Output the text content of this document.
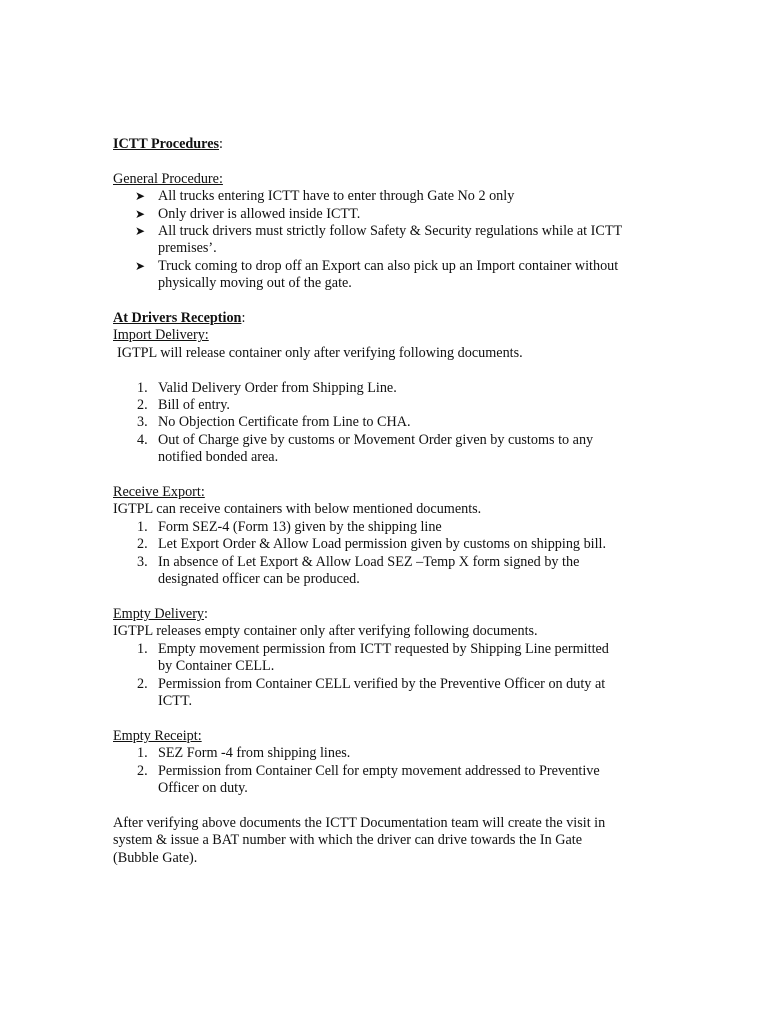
ICTT Procedures:

General Procedure:

➤ All trucks entering ICTT have to enter through Gate No 2 only

➤ Only driver is allowed inside ICTT.

➤ All truck drivers must strictly follow Safety & Security regulations while at ICTT

premises’.

➤ Truck coming to drop off an Export can also pick up an Import container without

physically moving out of the gate.

At Drivers Reception:

Import Delivery:

IGTPL will release container only after verifying following documents.

1. Valid Delivery Order from Shipping Line.

2. Bill of entry.

3. No Objection Certificate from Line to CHA.

4. Out of Charge give by customs or Movement Order given by customs to any

notified bonded area.

Receive Export:

IGTPL can receive containers with below mentioned documents.

1. Form SEZ-4 (Form 13) given by the shipping line

2. Let Export Order & Allow Load permission given by customs on shipping bill.

3. In absence of Let Export & Allow Load SEZ –Temp X form signed by the

designated officer can be produced.

Empty Delivery:

IGTPL releases empty container only after verifying following documents.

1. Empty movement permission from ICTT requested by Shipping Line permitted

by Container CELL.

2. Permission from Container CELL verified by the Preventive Officer on duty at

ICTT.

Empty Receipt:

1. SEZ Form -4 from shipping lines.

2. Permission from Container Cell for empty movement addressed to Preventive

Officer on duty.

After verifying above documents the ICTT Documentation team will create the visit in

system & issue a BAT number with which the driver can drive towards the In Gate

(Bubble Gate).
